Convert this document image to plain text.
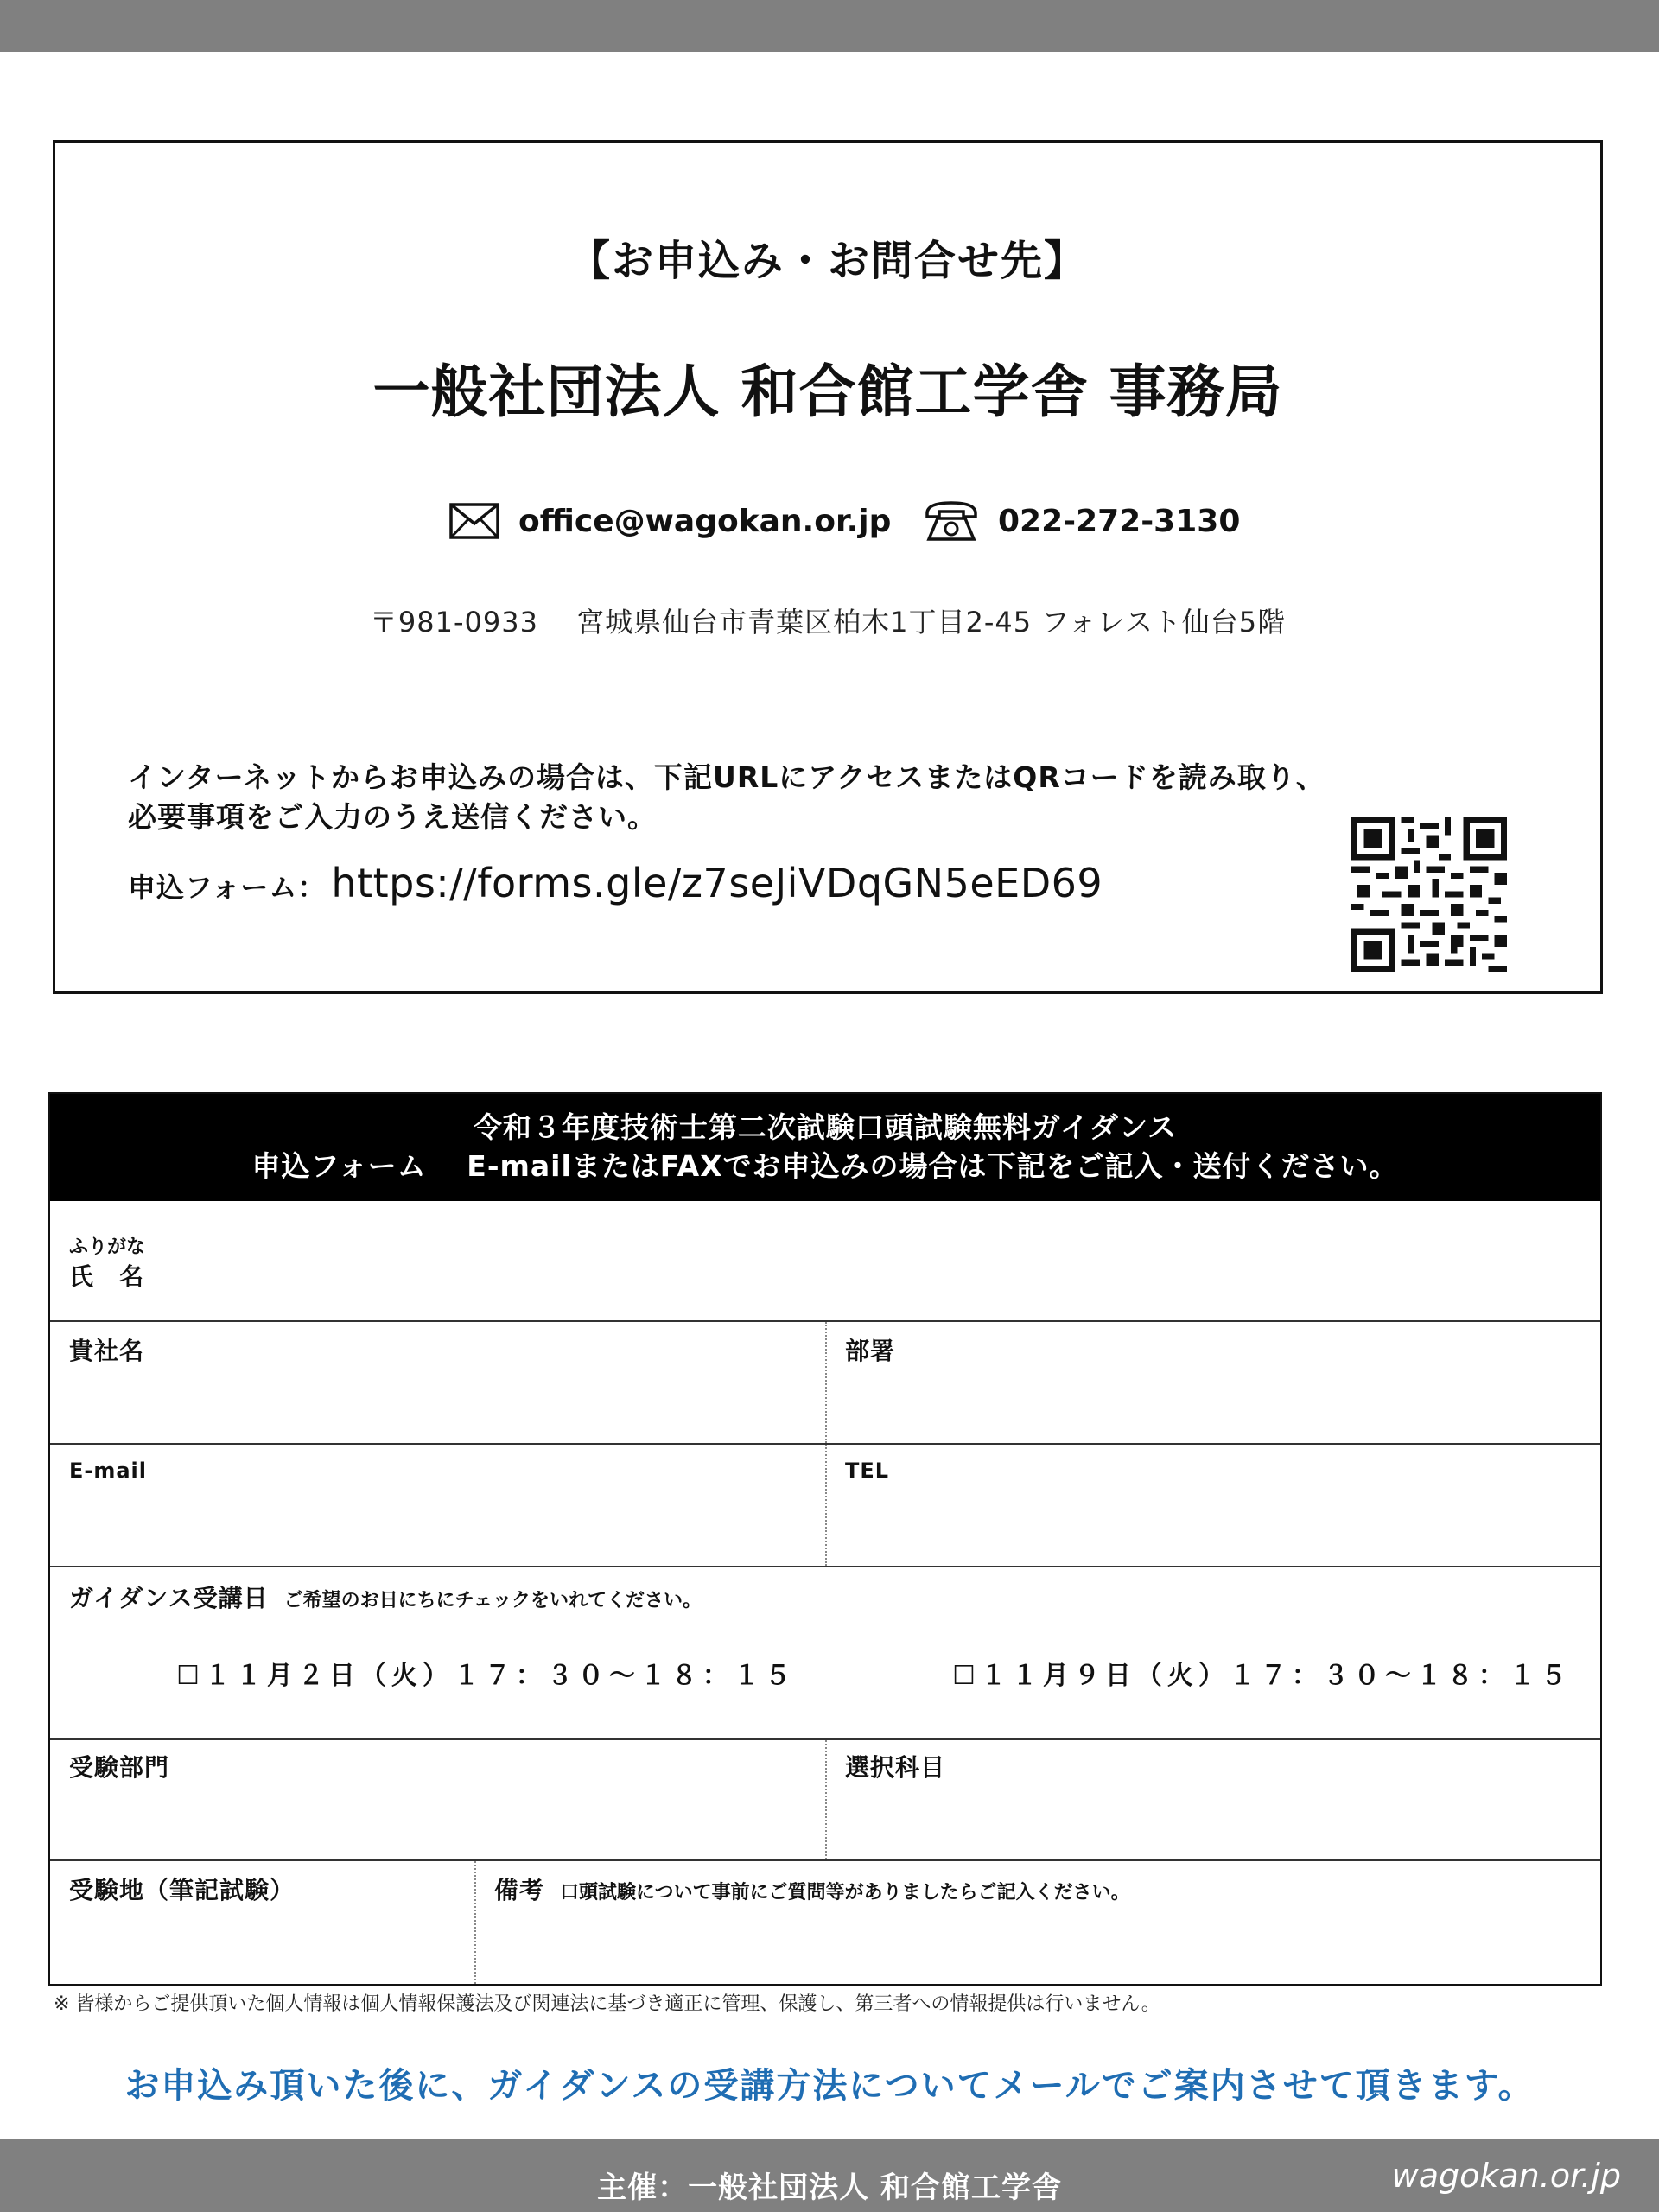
【お申込み・お問合せ先】
一般社団法人 和合館工学舎 事務局
office@wagokan.or.jp	022-272-3130
〒981-0933　 宮城県仙台市青葉区柏木1丁目2-45 フォレスト仙台5階
インターネットからお申込みの場合は、下記URLにアクセスまたはQRコードを読み取り、
必要事項をご入力のうえ送信ください。
申込フォーム： https://forms.gle/z7seJiVDqGN5eED69
令和３年度技術士第二次試験口頭試験無料ガイダンス
申込フォーム　 E-mailまたはFAXでお申込みの場合は下記をご記入・送付ください。
ふりがな
氏　名
貴社名	部署
E-mail	TEL
ガイダンス受講日 ご希望のお日にちにチェックをいれてください。
☐１１月２日（火）１７：３０～１８：１５	☐１１月９日（火）１７：３０～１８：１５
受験部門	選択科目
受験地（筆記試験）	備考 口頭試験について事前にご質問等がありましたらご記入ください。
※ 皆様からご提供頂いた個人情報は個人情報保護法及び関連法に基づき適正に管理、保護し、第三者への情報提供は行いません。
お申込み頂いた後に、ガイダンスの受講方法についてメールでご案内させて頂きます。
主催：一般社団法人 和合館工学舎	wagokan.or.jp
